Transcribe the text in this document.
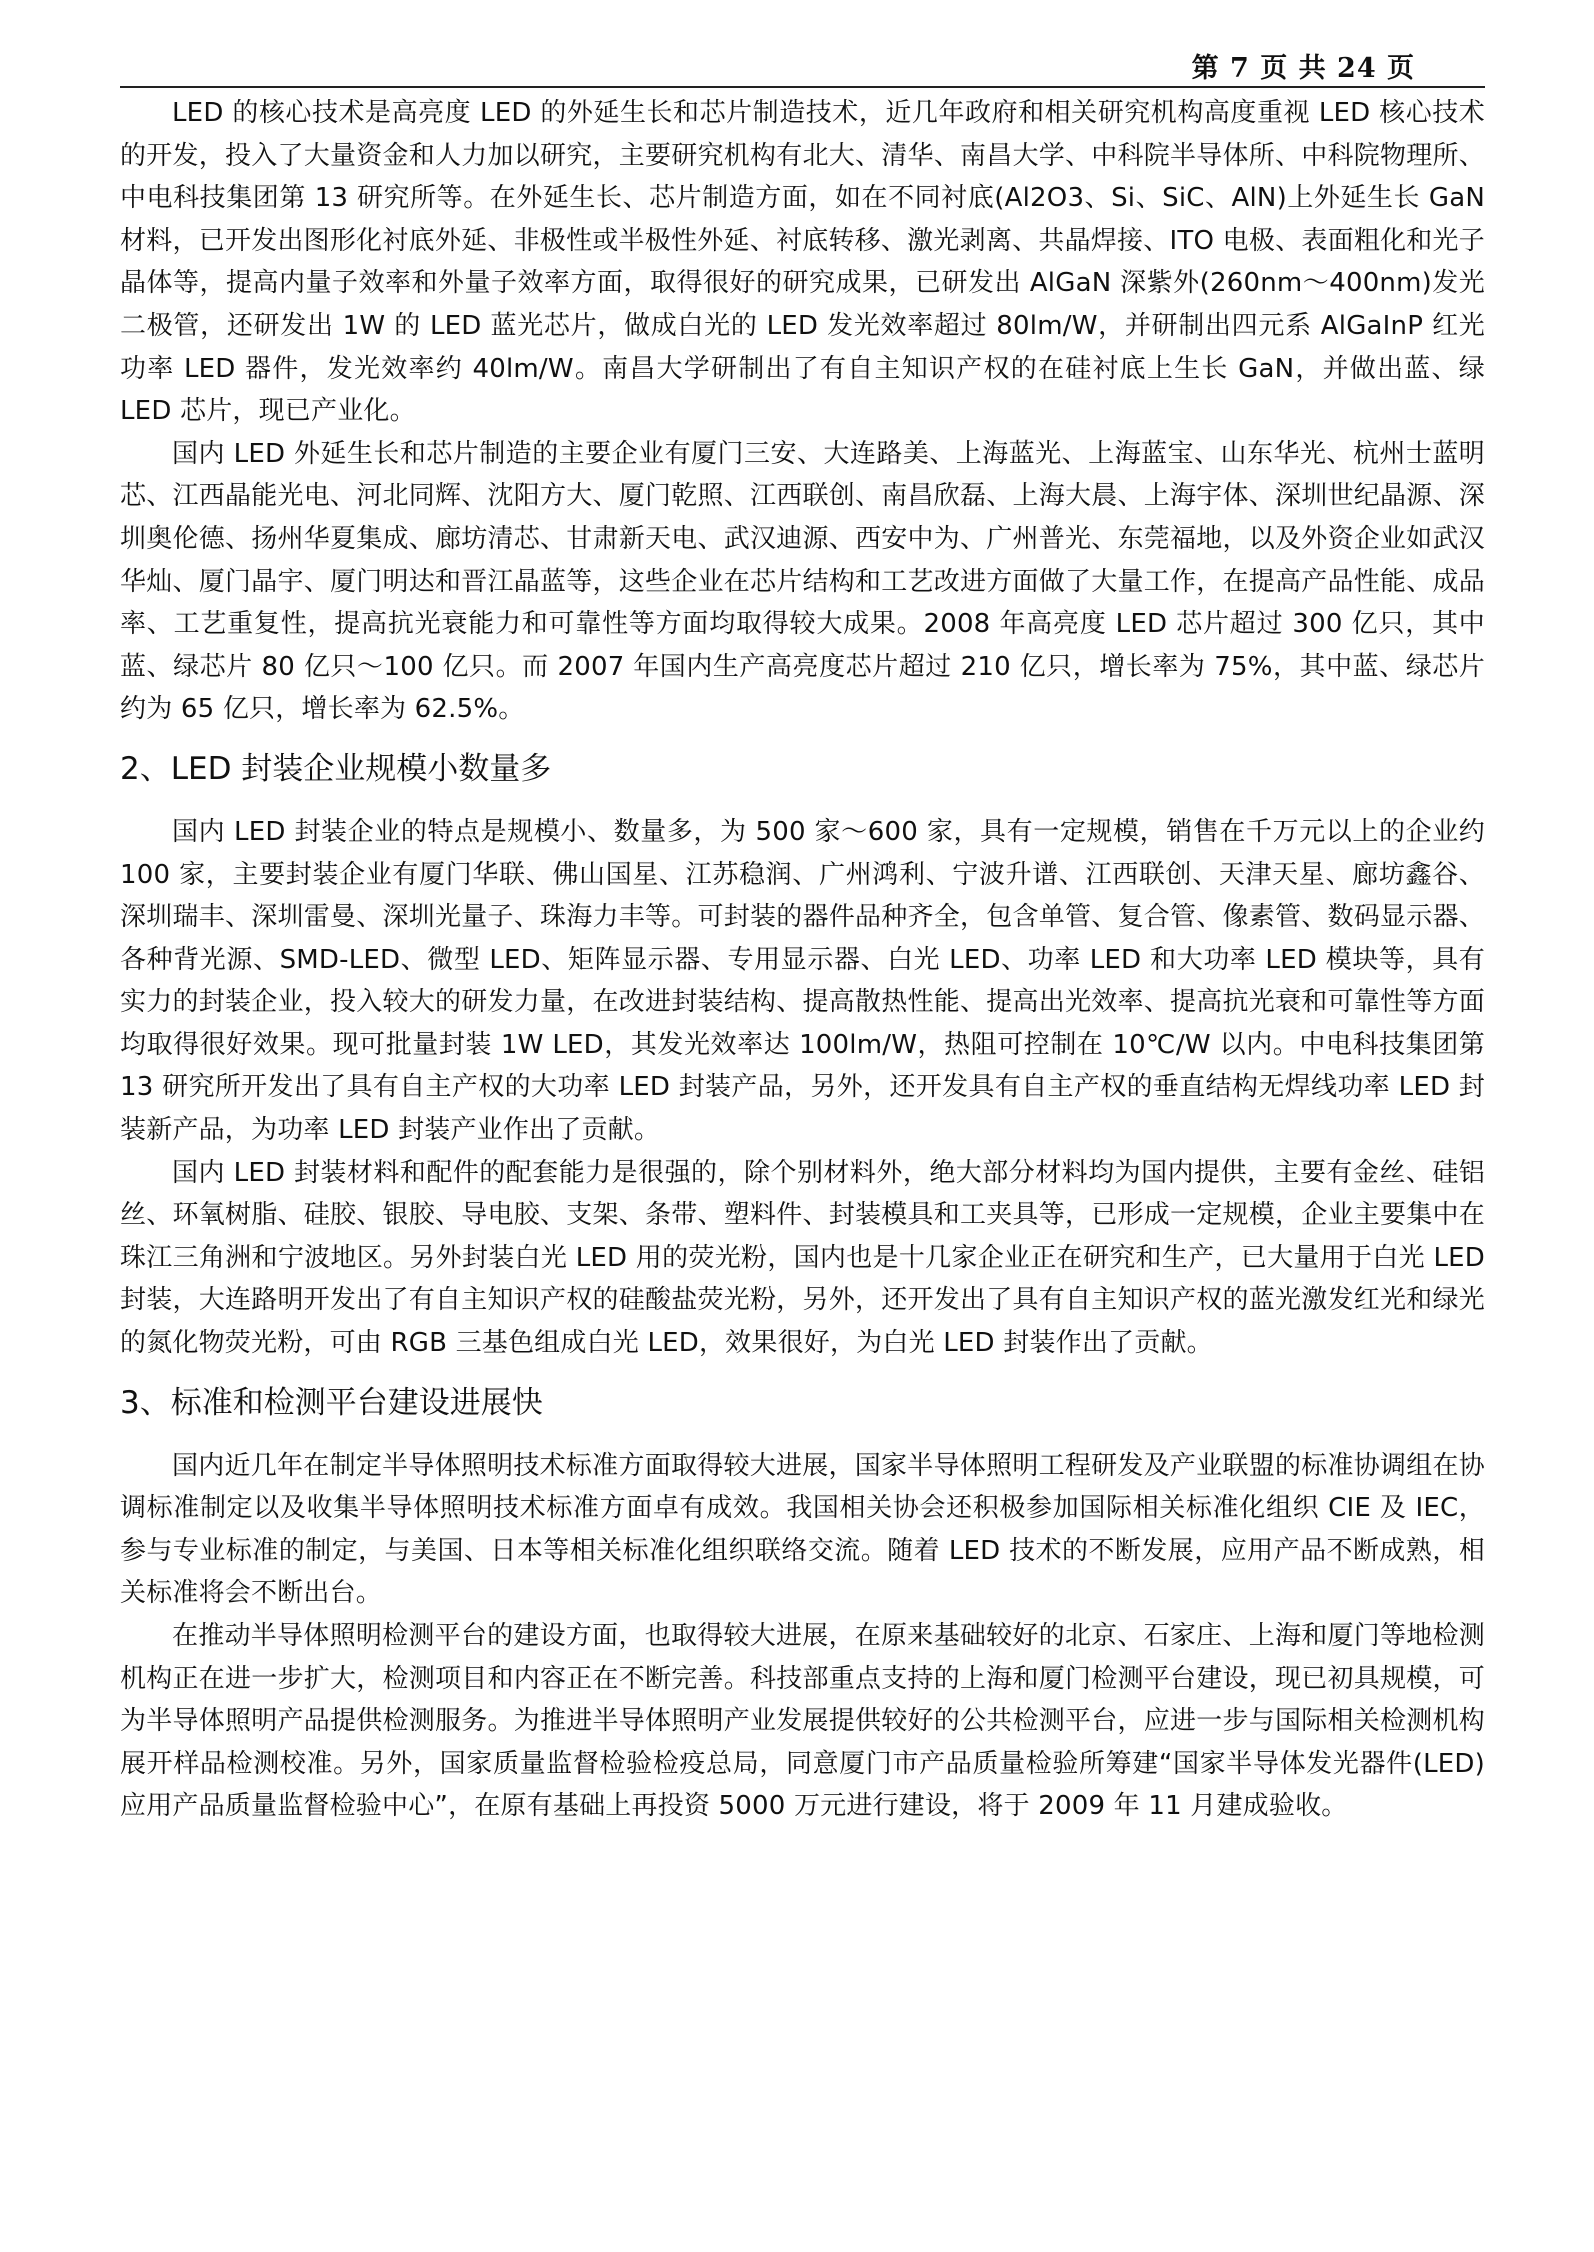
第 7 页 共 24 页

LED 的核心技术是高亮度 LED 的外延生长和芯片制造技术，近几年政府和相关研究机构高度重视 LED 核心技术的开发，投入了大量资金和人力加以研究，主要研究机构有北大、清华、南昌大学、中科院半导体所、中科院物理所、中电科技集团第 13 研究所等。在外延生长、芯片制造方面，如在不同衬底(Al2O3、Si、SiC、AlN)上外延生长 GaN 材料，已开发出图形化衬底外延、非极性或半极性外延、衬底转移、激光剥离、共晶焊接、ITO 电极、表面粗化和光子晶体等，提高内量子效率和外量子效率方面，取得很好的研究成果，已研发出 AlGaN 深紫外(260nm～400nm)发光二极管，还研发出 1W 的 LED 蓝光芯片，做成白光的 LED 发光效率超过 80lm/W，并研制出四元系 AlGaInP 红光功率 LED 器件，发光效率约 40lm/W。南昌大学研制出了有自主知识产权的在硅衬底上生长 GaN，并做出蓝、绿 LED 芯片，现已产业化。

国内 LED 外延生长和芯片制造的主要企业有厦门三安、大连路美、上海蓝光、上海蓝宝、山东华光、杭州士蓝明芯、江西晶能光电、河北同辉、沈阳方大、厦门乾照、江西联创、南昌欣磊、上海大晨、上海宇体、深圳世纪晶源、深圳奥伦德、扬州华夏集成、廊坊清芯、甘肃新天电、武汉迪源、西安中为、广州普光、东莞福地，以及外资企业如武汉华灿、厦门晶宇、厦门明达和晋江晶蓝等，这些企业在芯片结构和工艺改进方面做了大量工作，在提高产品性能、成品率、工艺重复性，提高抗光衰能力和可靠性等方面均取得较大成果。2008 年高亮度 LED 芯片超过 300 亿只，其中蓝、绿芯片 80 亿只～100 亿只。而 2007 年国内生产高亮度芯片超过 210 亿只，增长率为 75%，其中蓝、绿芯片约为 65 亿只，增长率为 62.5%。

2、LED 封装企业规模小数量多

国内 LED 封装企业的特点是规模小、数量多，为 500 家～600 家，具有一定规模，销售在千万元以上的企业约 100 家，主要封装企业有厦门华联、佛山国星、江苏稳润、广州鸿利、宁波升谱、江西联创、天津天星、廊坊鑫谷、深圳瑞丰、深圳雷曼、深圳光量子、珠海力丰等。可封装的器件品种齐全，包含单管、复合管、像素管、数码显示器、各种背光源、SMD-LED、微型 LED、矩阵显示器、专用显示器、白光 LED、功率 LED 和大功率 LED 模块等，具有实力的封装企业，投入较大的研发力量，在改进封装结构、提高散热性能、提高出光效率、提高抗光衰和可靠性等方面均取得很好效果。现可批量封装 1W LED，其发光效率达 100lm/W，热阻可控制在 10℃/W 以内。中电科技集团第 13 研究所开发出了具有自主产权的大功率 LED 封装产品，另外，还开发具有自主产权的垂直结构无焊线功率 LED 封装新产品，为功率 LED 封装产业作出了贡献。

国内 LED 封装材料和配件的配套能力是很强的，除个别材料外，绝大部分材料均为国内提供，主要有金丝、硅铝丝、环氧树脂、硅胶、银胶、导电胶、支架、条带、塑料件、封装模具和工夹具等，已形成一定规模，企业主要集中在珠江三角洲和宁波地区。另外封装白光 LED 用的荧光粉，国内也是十几家企业正在研究和生产，已大量用于白光 LED 封装，大连路明开发出了有自主知识产权的硅酸盐荧光粉，另外，还开发出了具有自主知识产权的蓝光激发红光和绿光的氮化物荧光粉，可由 RGB 三基色组成白光 LED，效果很好，为白光 LED 封装作出了贡献。

3、标准和检测平台建设进展快

国内近几年在制定半导体照明技术标准方面取得较大进展，国家半导体照明工程研发及产业联盟的标准协调组在协调标准制定以及收集半导体照明技术标准方面卓有成效。我国相关协会还积极参加国际相关标准化组织 CIE 及 IEC，参与专业标准的制定，与美国、日本等相关标准化组织联络交流。随着 LED 技术的不断发展，应用产品不断成熟，相关标准将会不断出台。

在推动半导体照明检测平台的建设方面，也取得较大进展，在原来基础较好的北京、石家庄、上海和厦门等地检测机构正在进一步扩大，检测项目和内容正在不断完善。科技部重点支持的上海和厦门检测平台建设，现已初具规模，可为半导体照明产品提供检测服务。为推进半导体照明产业发展提供较好的公共检测平台，应进一步与国际相关检测机构展开样品检测校准。另外，国家质量监督检验检疫总局，同意厦门市产品质量检验所筹建“国家半导体发光器件(LED)应用产品质量监督检验中心”，在原有基础上再投资 5000 万元进行建设，将于 2009 年 11 月建成验收。
